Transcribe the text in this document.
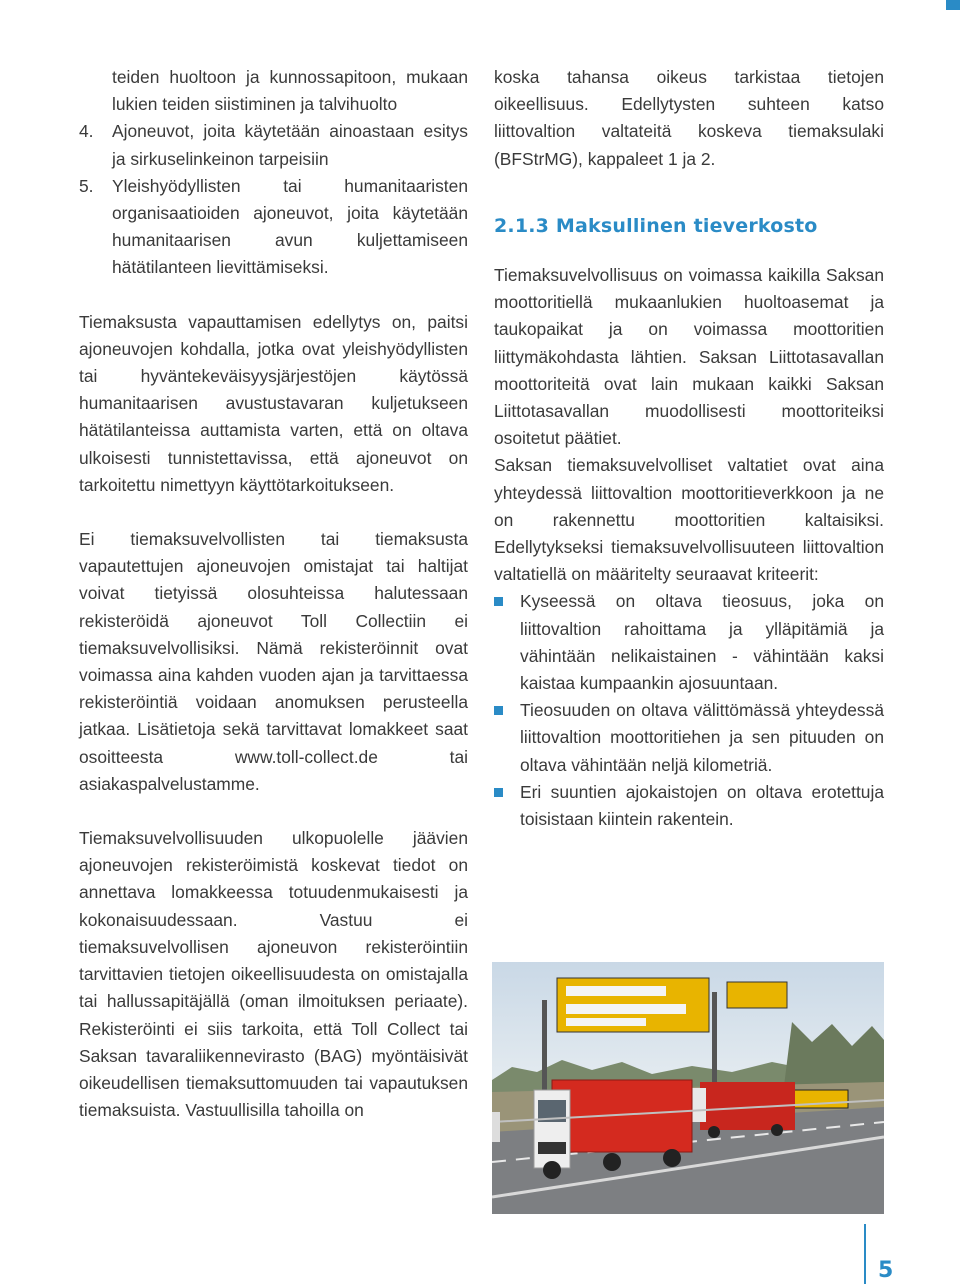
teiden huoltoon ja kunnossapitoon, mukaan lukien teiden siistiminen ja talvihuolto
4. Ajoneuvot, joita käytetään ainoastaan esitys ja sirkuselinkeinon tarpeisiin
5. Yleishyödyllisten tai humanitaaristen organisaatioiden ajoneuvot, joita käytetään humanitaarisen avun kuljettamiseen hätätilanteen lievittämiseksi.

Tiemaksusta vapauttamisen edellytys on, paitsi ajoneuvojen kohdalla, jotka ovat yleishyödyllisten tai hyväntekeväisyysjärjestöjen käytössä humanitaarisen avustustavaran kuljetukseen hätätilanteissa auttamista varten, että on oltava ulkoisesti tunnistettavissa, että ajoneuvot on tarkoitettu nimettyyn käyttötarkoitukseen.

Ei tiemaksuvelvollisten tai tiemaksusta vapautettujen ajoneuvojen omistajat tai haltijat voivat tietyissä olosuhteissa halutessaan rekisteröidä ajoneuvot Toll Collectiin ei tiemaksuvelvollisiksi. Nämä rekisteröinnit ovat voimassa aina kahden vuoden ajan ja tarvittaessa rekisteröintiä voidaan anomuksen perusteella jatkaa. Lisätietoja sekä tarvittavat lomakkeet saat osoitteesta www.toll-collect.de tai asiakaspalvelustamme.

Tiemaksuvelvollisuuden ulkopuolelle jäävien ajoneuvojen rekisteröimistä koskevat tiedot on annettava lomakkeessa totuudenmukaisesti ja kokonaisuudessaan. Vastuu ei tiemaksuvelvollisen ajoneuvon rekisteröintiin tarvittavien tietojen oikeellisuudesta on omistajalla tai hallussapitäjällä (oman ilmoituksen periaate). Rekisteröinti ei siis tarkoita, että Toll Collect tai Saksan tavaraliikennevirasto (BAG) myöntäisivät oikeudellisen tiemaksuttomuuden tai vapautuksen tiemaksuista. Vastuullisilla tahoilla on

koska tahansa oikeus tarkistaa tietojen oikeellisuus. Edellytysten suhteen katso liittovaltion valtateitä koskeva tiemaksulaki (BFStrMG), kappaleet 1 ja 2.

2.1.3 Maksullinen tieverkosto

Tiemaksuvelvollisuus on voimassa kaikilla Saksan moottoritiellä mukaanlukien huoltoasemat ja taukopaikat ja on voimassa moottoritien liittymäkohdasta lähtien. Saksan Liittotasavallan moottoriteitä ovat lain mukaan kaikki Saksan Liittotasavallan muodollisesti moottoriteiksi osoitetut päätiet.

Saksan tiemaksuvelvolliset valtatiet ovat aina yhteydessä liittovaltion moottoritieverkkoon ja ne on rakennettu moottoritien kaltaisiksi. Edellytykseksi tiemaksuvelvollisuuteen liittovaltion valtatiellä on määritelty seuraavat kriteerit:

Kyseessä on oltava tieosuus, joka on liittovaltion rahoittama ja ylläpitämiä ja vähintään nelikaistainen - vähintään kaksi kaistaa kumpaankin ajosuuntaan.
Tieosuuden on oltava välittömässä yhteydessä liittovaltion moottoritiehen ja sen pituuden on oltava vähintään neljä kilometriä.
Eri suuntien ajokaistojen on oltava erotettuja toisistaan kiintein rakentein.
5
